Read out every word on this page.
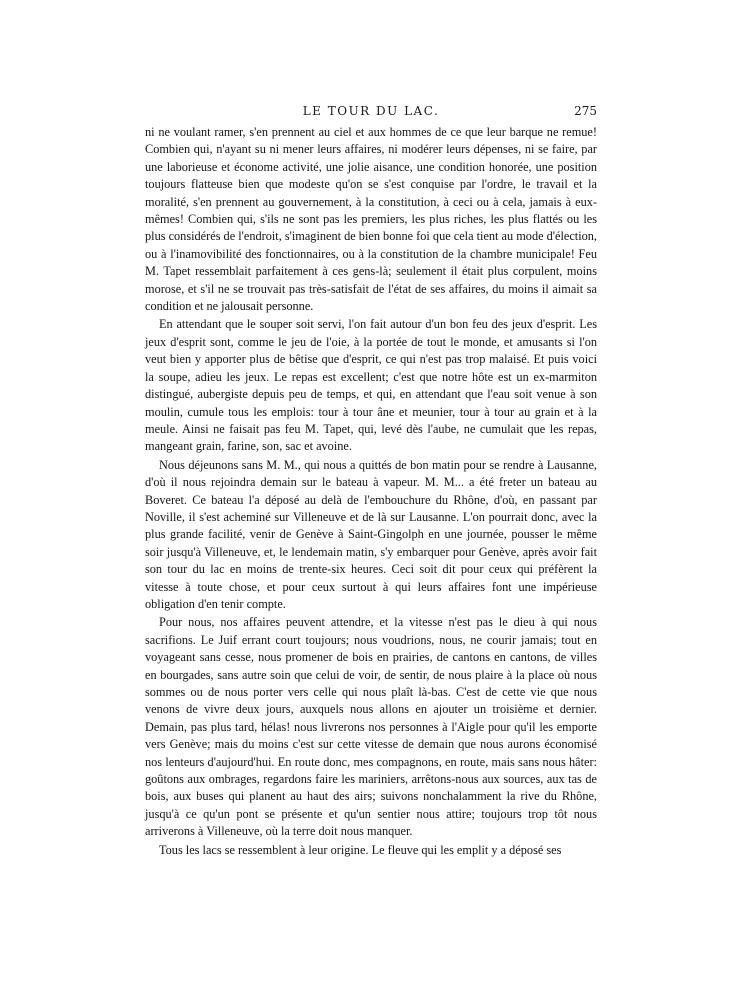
LE TOUR DU LAC.	275

ni ne voulant ramer, s'en prennent au ciel et aux hommes de ce que leur barque ne remue! Combien qui, n'ayant su ni mener leurs affaires, ni modérer leurs dépenses, ni se faire, par une laborieuse et économe activité, une jolie aisance, une condition honorée, une position toujours flatteuse bien que modeste qu'on se s'est conquise par l'ordre, le travail et la moralité, s'en prennent au gouvernement, à la constitution, à ceci ou à cela, jamais à eux-mêmes! Combien qui, s'ils ne sont pas les premiers, les plus riches, les plus flattés ou les plus considérés de l'endroit, s'imaginent de bien bonne foi que cela tient au mode d'élection, ou à l'inamovibilité des fonctionnaires, ou à la constitution de la chambre municipale! Feu M. Tapet ressemblait parfaitement à ces gens-là; seulement il était plus corpulent, moins morose, et s'il ne se trouvait pas très-satisfait de l'état de ses affaires, du moins il aimait sa condition et ne jalousait personne.

En attendant que le souper soit servi, l'on fait autour d'un bon feu des jeux d'esprit. Les jeux d'esprit sont, comme le jeu de l'oie, à la portée de tout le monde, et amusants si l'on veut bien y apporter plus de bêtise que d'esprit, ce qui n'est pas trop malaisé. Et puis voici la soupe, adieu les jeux. Le repas est excellent; c'est que notre hôte est un ex-marmiton distingué, aubergiste depuis peu de temps, et qui, en attendant que l'eau soit venue à son moulin, cumule tous les emplois: tour à tour âne et meunier, tour à tour au grain et à la meule. Ainsi ne faisait pas feu M. Tapet, qui, levé dès l'aube, ne cumulait que les repas, mangeant grain, farine, son, sac et avoine.

Nous déjeunons sans M. M., qui nous a quittés de bon matin pour se rendre à Lausanne, d'où il nous rejoindra demain sur le bateau à vapeur. M. M... a été freter un bateau au Boveret. Ce bateau l'a déposé au delà de l'embouchure du Rhône, d'où, en passant par Noville, il s'est acheminé sur Villeneuve et de là sur Lausanne. L'on pourrait donc, avec la plus grande facilité, venir de Genève à Saint-Gingolph en une journée, pousser le même soir jusqu'à Villeneuve, et, le lendemain matin, s'y embarquer pour Genève, après avoir fait son tour du lac en moins de trente-six heures. Ceci soit dit pour ceux qui préfèrent la vitesse à toute chose, et pour ceux surtout à qui leurs affaires font une impérieuse obligation d'en tenir compte.

Pour nous, nos affaires peuvent attendre, et la vitesse n'est pas le dieu à qui nous sacrifions. Le Juif errant court toujours; nous voudrions, nous, ne courir jamais; tout en voyageant sans cesse, nous promener de bois en prairies, de cantons en cantons, de villes en bourgades, sans autre soin que celui de voir, de sentir, de nous plaire à la place où nous sommes ou de nous porter vers celle qui nous plaît là-bas. C'est de cette vie que nous venons de vivre deux jours, auxquels nous allons en ajouter un troisième et dernier. Demain, pas plus tard, hélas! nous livrerons nos personnes à l'Aigle pour qu'il les emporte vers Genève; mais du moins c'est sur cette vitesse de demain que nous aurons économisé nos lenteurs d'aujourd'hui. En route donc, mes compagnons, en route, mais sans nous hâter: goûtons aux ombrages, regardons faire les mariniers, arrêtons-nous aux sources, aux tas de bois, aux buses qui planent au haut des airs; suivons nonchalamment la rive du Rhône, jusqu'à ce qu'un pont se présente et qu'un sentier nous attire; toujours trop tôt nous arriverons à Villeneuve, où la terre doit nous manquer.

Tous les lacs se ressemblent à leur origine. Le fleuve qui les emplit y a déposé ses
